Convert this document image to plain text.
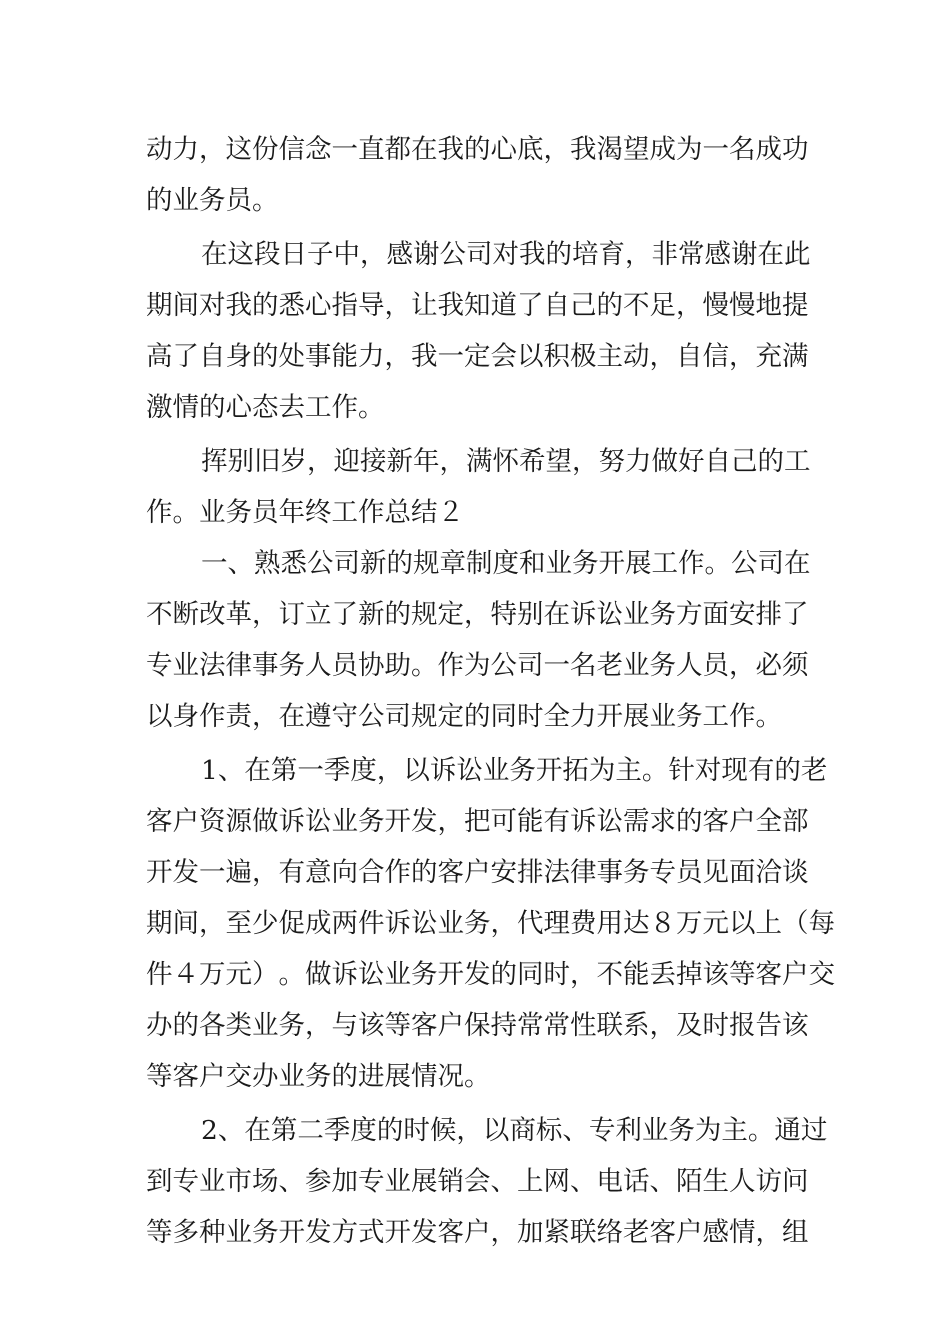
动 力 ， 这 份 信 念 一 直 都 在 我 的 心 底 ， 我 渴 望 成 为 一 名 成 功
的业务员。
在 这 段 日 子 中 ， 感 谢 公 司 对 我 的 培 育 ， 非 常 感 谢 在 此
期 间 对 我 的 悉 心 指 导 ， 让 我 知 道 了 自 己 的 不 足 ， 慢 慢 地 提
高 了 自 身 的 处 事 能 力 ， 我 一 定 会 以 积 极 主 动 ， 自 信 ， 充 满
激情的心态去工作。
挥 别 旧 岁 ， 迎 接 新 年 ， 满 怀 希 望 ， 努 力 做 好 自 己 的 工
作。业务员年终工作总结２
一 、 熟 悉 公 司 新 的 规 章 制 度 和 业 务 开 展 工 作 。 公 司 在
不 断 改 革 ， 订 立 了 新 的 规 定 ， 特 别 在 诉 讼 业 务 方 面 安 排 了
专 业 法 律 事 务 人 员 协 助 。 作 为 公 司 一 名 老 业 务 人 员 ， 必 须
以身作责，在遵守公司规定的同时全力开展业务工作。
1 、 在 第 一 季 度 ， 以 诉 讼 业 务 开 拓 为 主 。 针 对 现 有 的 老
客 户 资 源 做 诉 讼 业 务 开 发 ， 把 可 能 有 诉 讼 需 求 的 客 户 全 部
开 发 一 遍 ， 有 意 向 合 作 的 客 户 安 排 法 律 事 务 专 员 见 面 洽 谈
期 间 ， 至 少 促 成 两 件 诉 讼 业 务 ， 代 理 费 用 达 ８ 万 元 以 上 （ 每
件 ４ 万 元 ） 。 做 诉 讼 业 务 开 发 的 同 时 ， 不 能 丢 掉 该 等 客 户 交
办 的 各 类 业 务 ， 与 该 等 客 户 保 持 常 常 性 联 系 ， 及 时 报 告 该
等客户交办业务的进展情况。
2 、 在 第 二 季 度 的 时 候 ， 以 商 标 、 专 利 业 务 为 主 。 通 过
到 专 业 市 场 、 参 加 专 业 展 销 会 、 上 网 、 电 话 、 陌 生 人 访 问
等 多 种 业 务 开 发 方 式 开 发 客 户 ， 加 紧 联 络 老 客 户 感 情 ， 组
